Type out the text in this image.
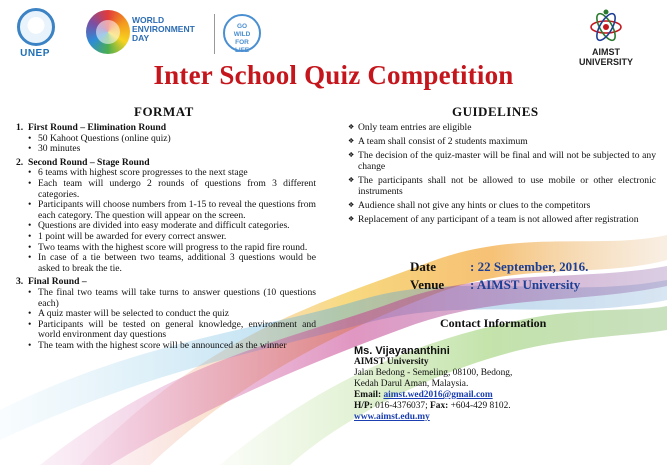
UNEP
WORLD
ENVIRONMENT
DAY
GO
WILD
FOR
LIFE	AIMST
UNIVERSITY
Inter School Quiz Competition
FORMAT
1. First Round – Elimination Round
• 50 Kahoot Questions (online quiz)
• 30 minutes
2. Second Round – Stage Round
• 6 teams with highest score progresses to the next stage
• Each team will undergo 2 rounds of questions from 3 different categories.
• Participants will choose numbers from 1-15 to reveal the questions from each category. The question will appear on the screen.
• Questions are divided into easy moderate and difficult categories.
• 1 point will be awarded for every correct answer.
• Two teams with the highest score will progress to the rapid fire round.
• In case of a tie between two teams, additional 3 questions would be asked to break the tie.
3. Final Round –
• The final two teams will take turns to answer questions (10 questions each)
• A quiz master will be selected to conduct the quiz
• Participants will be tested on general knowledge, environment and world environment day questions
• The team with the highest score will be announced as the winner
GUIDELINES
❖ Only team entries are eligible
❖ A team shall consist of 2 students maximum
❖ The decision of the quiz-master will be final and will not be subjected to any change
❖ The participants shall not be allowed to use mobile or other electronic instruments
❖ Audience shall not give any hints or clues to the competitors
❖ Replacement of any participant of a team is not allowed after registration
Date	: 22 September, 2016.
Venue : AIMST University
Contact Information
Ms. Vijayananthini
AIMST University
Jalan Bedong - Semeling, 08100, Bedong,
Kedah Darul Aman, Malaysia.
Email: aimst.wed2016@gmail.com
H/P: 016-4376037; Fax: +604-429 8102.
www.aimst.edu.my
